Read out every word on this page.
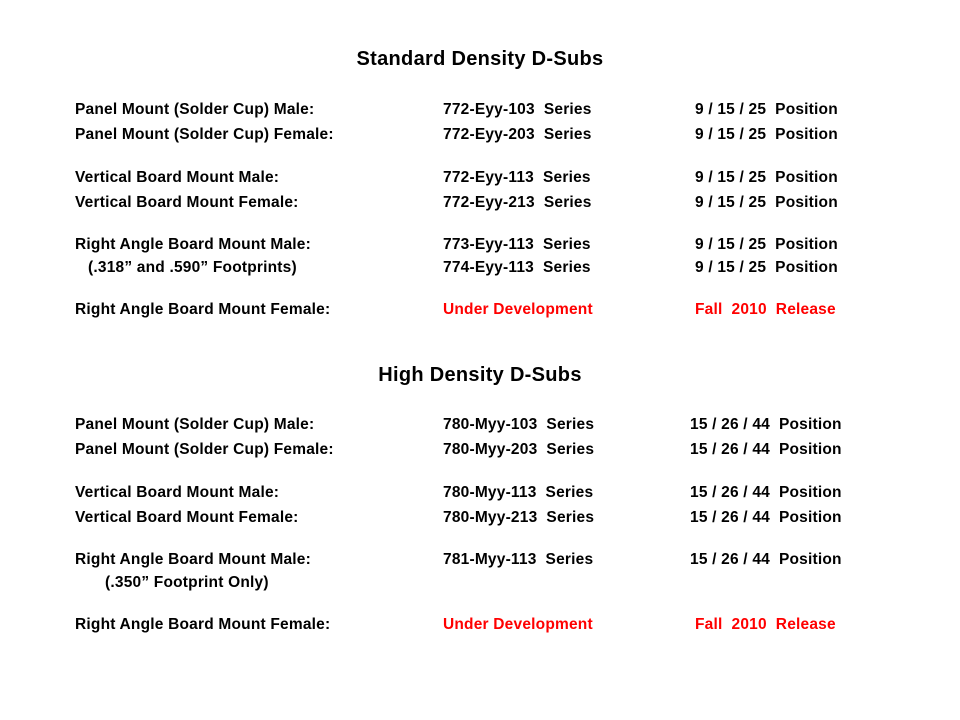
Standard Density D-Subs
Panel Mount (Solder Cup) Male:	772-Eyy-103  Series	9 / 15 / 25  Position
Panel Mount (Solder Cup) Female:	772-Eyy-203  Series	9 / 15 / 25  Position
Vertical Board Mount Male:	772-Eyy-113  Series	9 / 15 / 25  Position
Vertical Board Mount Female:	772-Eyy-213  Series	9 / 15 / 25  Position
Right Angle Board Mount Male:	773-Eyy-113  Series	9 / 15 / 25  Position
(.318” and .590” Footprints)	774-Eyy-113  Series	9 / 15 / 25  Position
Right Angle Board Mount Female:	Under Development	Fall  2010  Release
High Density D-Subs
Panel Mount (Solder Cup) Male:	780-Myy-103  Series	15 / 26 / 44  Position
Panel Mount (Solder Cup) Female:	780-Myy-203  Series	15 / 26 / 44  Position
Vertical Board Mount Male:	780-Myy-113  Series	15 / 26 / 44  Position
Vertical Board Mount Female:	780-Myy-213  Series	15 / 26 / 44  Position
Right Angle Board Mount Male:	781-Myy-113  Series	15 / 26 / 44  Position
(.350” Footprint Only)
Right Angle Board Mount Female:	Under Development	Fall  2010  Release
